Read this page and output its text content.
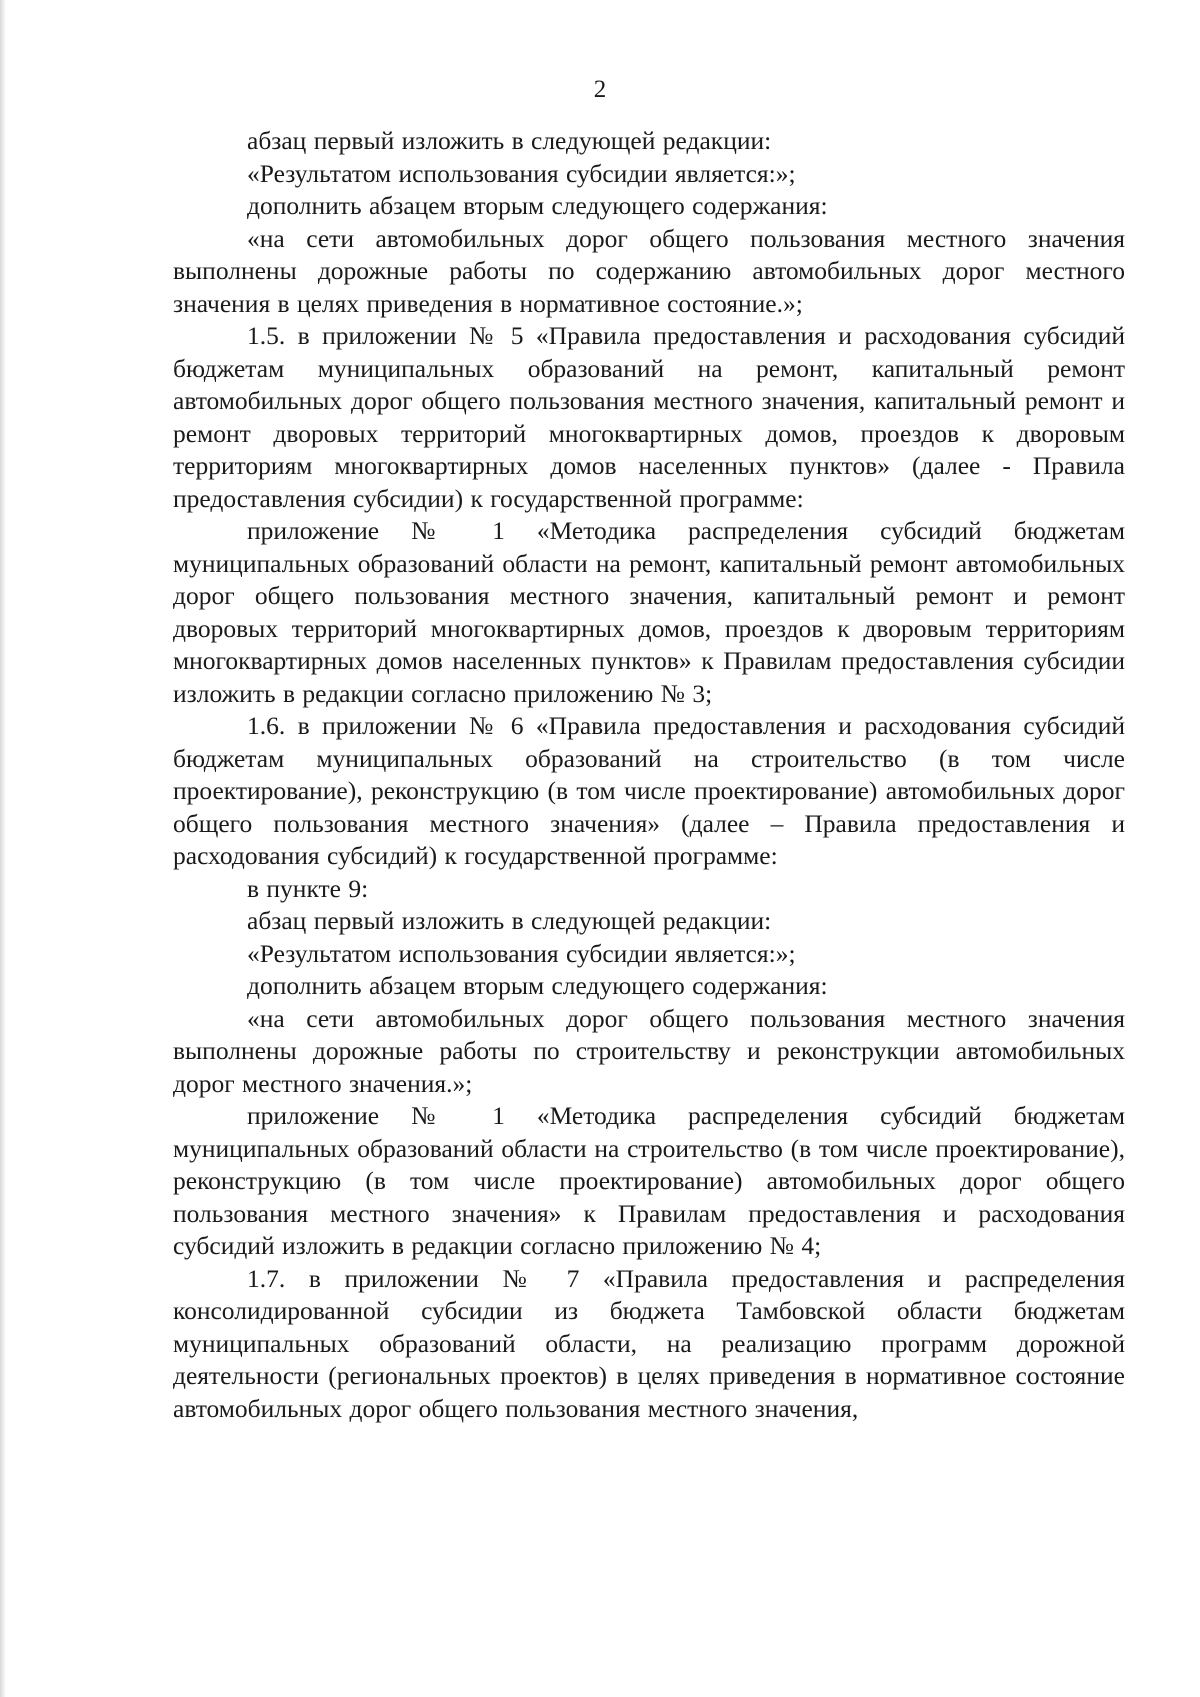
2

абзац первый изложить в следующей редакции:

«Результатом использования субсидии является:»;

дополнить абзацем вторым следующего содержания:

«на сети автомобильных дорог общего пользования местного значения выполнены дорожные работы по содержанию автомобильных дорог местного значения в целях приведения в нормативное состояние.»;

1.5. в приложении № 5 «Правила предоставления и расходования субсидий бюджетам муниципальных образований на ремонт, капитальный ремонт автомобильных дорог общего пользования местного значения, капитальный ремонт и ремонт дворовых территорий многоквартирных домов, проездов к дворовым территориям многоквартирных домов населенных пунктов» (далее - Правила предоставления субсидии) к государственной программе:

приложение № 1 «Методика распределения субсидий бюджетам муниципальных образований области на ремонт, капитальный ремонт автомобильных дорог общего пользования местного значения, капитальный ремонт и ремонт дворовых территорий многоквартирных домов, проездов к дворовым территориям многоквартирных домов населенных пунктов» к Правилам предоставления субсидии изложить в редакции согласно приложению № 3;

1.6. в приложении № 6 «Правила предоставления и расходования субсидий бюджетам муниципальных образований на строительство (в том числе проектирование), реконструкцию (в том числе проектирование) автомобильных дорог общего пользования местного значения» (далее – Правила предоставления и расходования субсидий) к государственной программе:

в пункте 9:

абзац первый изложить в следующей редакции:

«Результатом использования субсидии является:»;

дополнить абзацем вторым следующего содержания:

«на сети автомобильных дорог общего пользования местного значения выполнены дорожные работы по строительству и реконструкции автомобильных дорог местного значения.»;

приложение № 1 «Методика распределения субсидий бюджетам муниципальных образований области на строительство (в том числе проектирование), реконструкцию (в том числе проектирование) автомобильных дорог общего пользования местного значения» к Правилам предоставления и расходования субсидий изложить в редакции согласно приложению № 4;

1.7. в приложении № 7 «Правила предоставления и распределения консолидированной субсидии из бюджета Тамбовской области бюджетам муниципальных образований области, на реализацию программ дорожной деятельности (региональных проектов) в целях приведения в нормативное состояние автомобильных дорог общего пользования местного значения,
